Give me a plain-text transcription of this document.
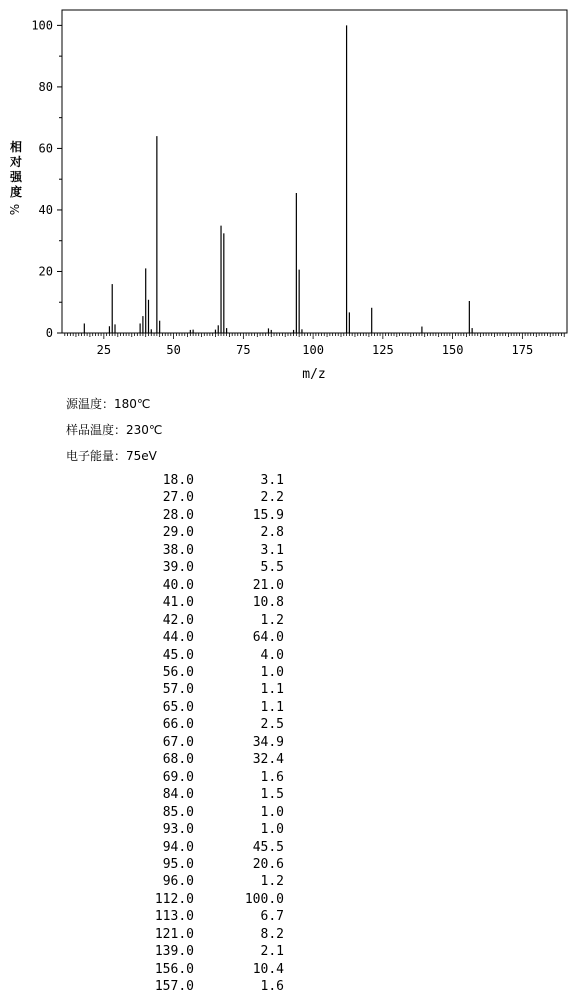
0
20
40
60
80
100
25	50	75	100	125	150	175
m/z
相对强度
%
源温度：180℃
样品温度：230℃
电子能量：75eV
18.0	3.1
27.0	2.2
28.0	15.9
29.0	2.8
38.0	3.1
39.0	5.5
40.0	21.0
41.0	10.8
42.0	1.2
44.0	64.0
45.0	4.0
56.0	1.0
57.0	1.1
65.0	1.1
66.0	2.5
67.0	34.9
68.0	32.4
69.0	1.6
84.0	1.5
85.0	1.0
93.0	1.0
94.0	45.5
95.0	20.6
96.0	1.2
112.0	100.0
113.0	6.7
121.0	8.2
139.0	2.1
156.0	10.4
157.0	1.6
